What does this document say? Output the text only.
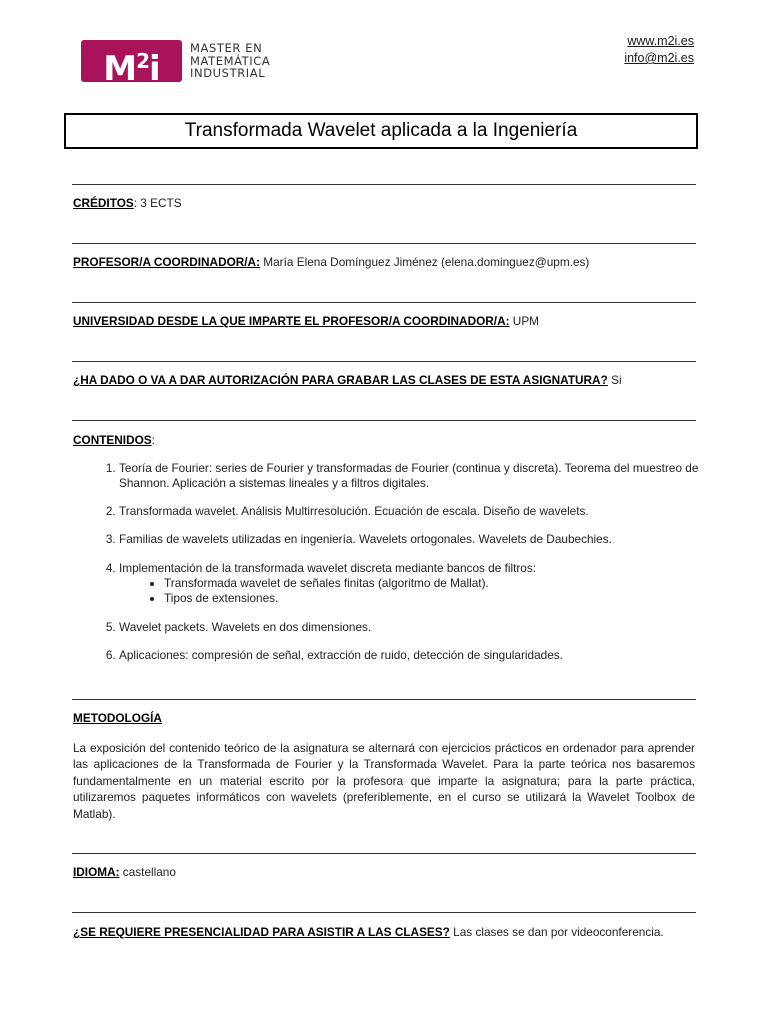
$M^2i$
MASTER EN
MATEMÁTICA
INDUSTRIAL
www.m2i.es
info@m2i.es
Transformada Wavelet aplicada a la Ingeniería
CRÉDITOS: 3 ECTS
PROFESOR/A COORDINADOR/A: María Elena Domínguez Jiménez (elena.dominguez@upm.es)
UNIVERSIDAD DESDE LA QUE IMPARTE EL PROFESOR/A COORDINADOR/A: UPM
¿HA DADO O VA A DAR AUTORIZACIÓN PARA GRABAR LAS CLASES DE ESTA ASIGNATURA? Si
CONTENIDOS:
1. Teoría de Fourier: series de Fourier y transformadas de Fourier (continua y discreta). Teorema del muestreo de Shannon. Aplicación a sistemas lineales y a filtros digitales.
2. Transformada wavelet. Análisis Multirresolución. Ecuación de escala. Diseño de wavelets.
3. Familias de wavelets utilizadas en ingeniería. Wavelets ortogonales. Wavelets de Daubechies.
4. Implementación de la transformada wavelet discreta mediante bancos de filtros:
• Transformada wavelet de señales finitas (algoritmo de Mallat).
• Tipos de extensiones.
5. Wavelet packets. Wavelets en dos dimensiones.
6. Aplicaciones: compresión de señal, extracción de ruido, detección de singularidades.
METODOLOGÍA

La exposición del contenido teórico de la asignatura se alternará con ejercicios prácticos en ordenador para aprender las aplicaciones de la Transformada de Fourier y la Transformada Wavelet. Para la parte teórica nos basaremos fundamentalmente en un material escrito por la profesora que imparte la asignatura; para la parte práctica, utilizaremos paquetes informáticos con wavelets (preferiblemente, en el curso se utilizará la Wavelet Toolbox de Matlab).

IDIOMA: castellano

¿SE REQUIERE PRESENCIALIDAD PARA ASISTIR A LAS CLASES? Las clases se dan por videoconferencia.
